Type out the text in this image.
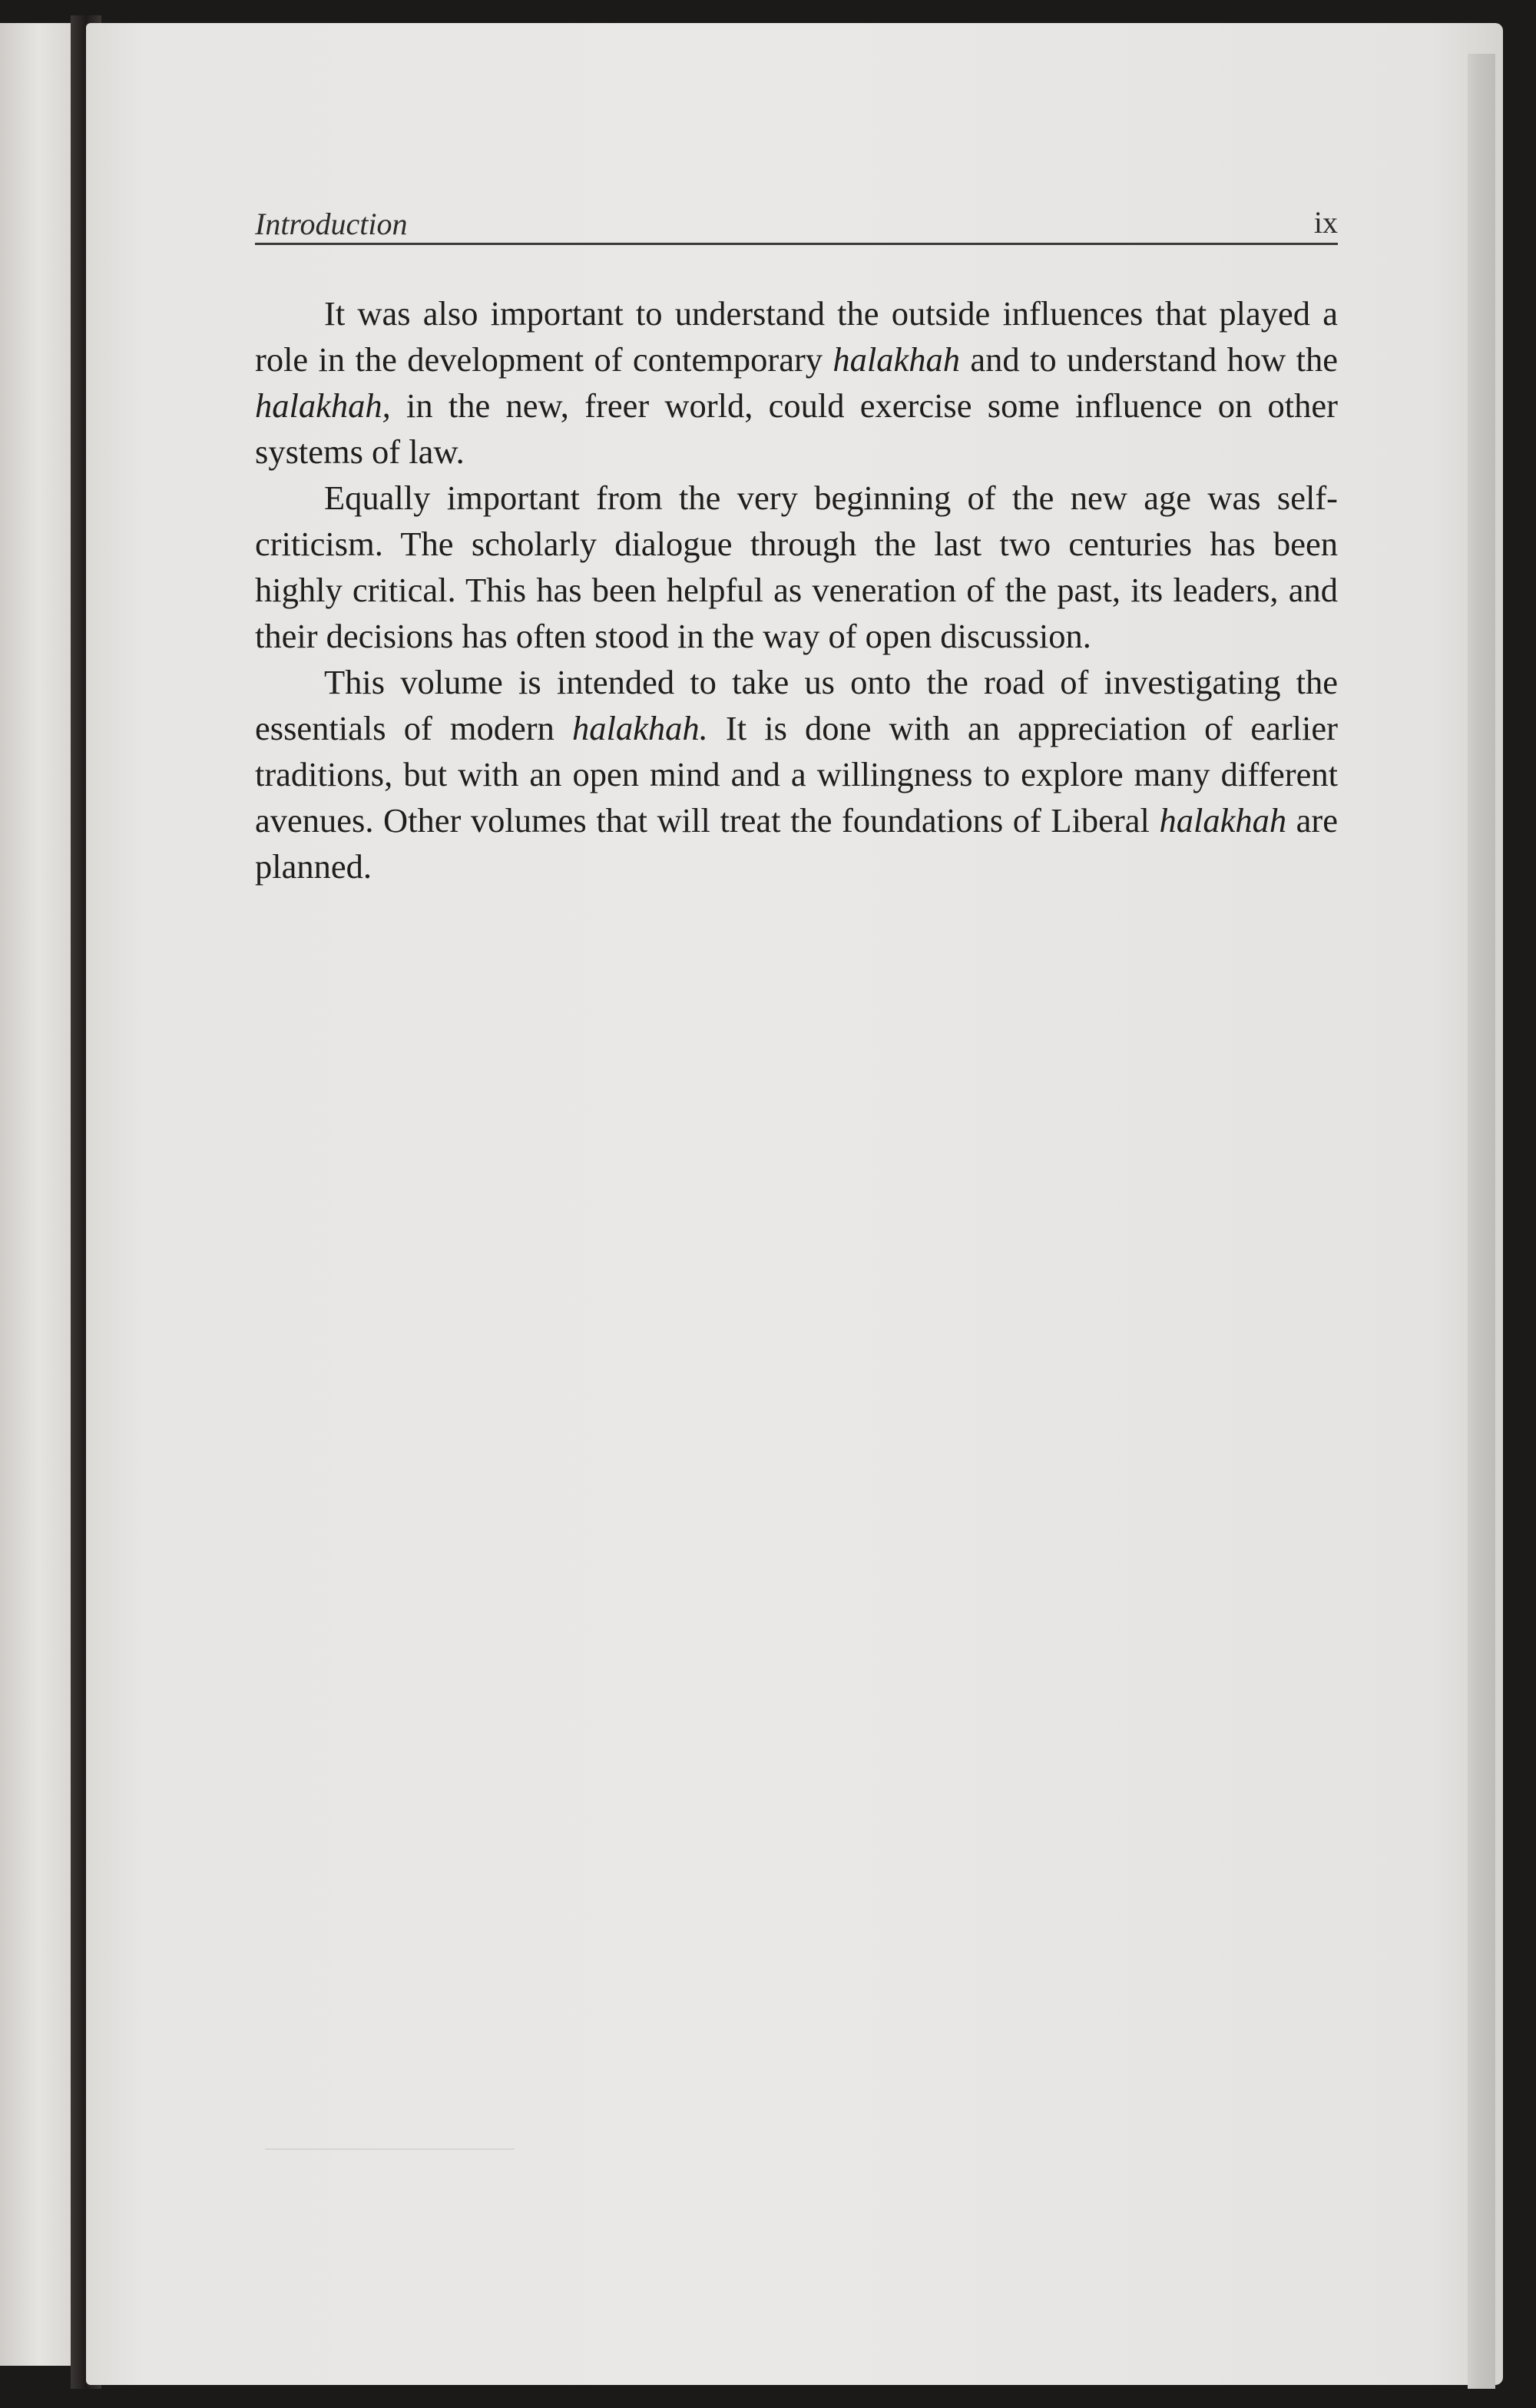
Introduction	ix

It was also important to understand the outside influences that played a role in the development of contemporary halakhah and to understand how the halakhah, in the new, freer world, could exercise some influence on other systems of law.

Equally important from the very beginning of the new age was self-criticism. The scholarly dialogue through the last two centuries has been highly critical. This has been helpful as veneration of the past, its leaders, and their decisions has often stood in the way of open discussion.

This volume is intended to take us onto the road of investigating the essentials of modern halakhah. It is done with an appreciation of earlier traditions, but with an open mind and a willingness to explore many different avenues. Other volumes that will treat the foundations of Liberal halakhah are planned.
